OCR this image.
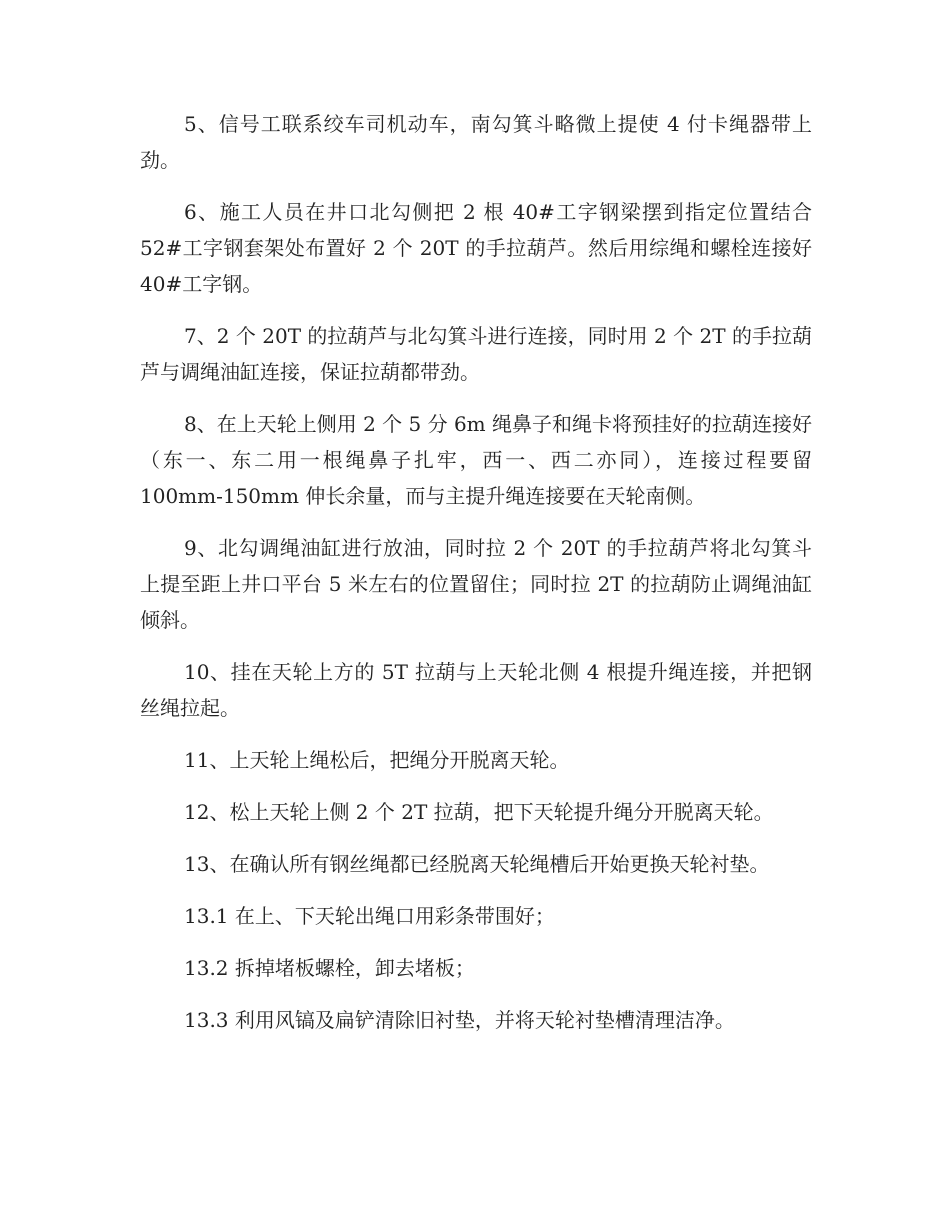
5、信号工联系绞车司机动车，南勾箕斗略微上提使 4 付卡绳器带上劲。

6、施工人员在井口北勾侧把 2 根 40#工字钢梁摆到指定位置结合 52#工字钢套架处布置好 2 个 20T 的手拉葫芦。然后用综绳和螺栓连接好 40#工字钢。

7、2 个 20T 的拉葫芦与北勾箕斗进行连接，同时用 2 个 2T 的手拉葫芦与调绳油缸连接，保证拉葫都带劲。

8、在上天轮上侧用 2 个 5 分 6m 绳鼻子和绳卡将预挂好的拉葫连接好（东一、东二用一根绳鼻子扎牢，西一、西二亦同），连接过程要留 100mm-150mm 伸长余量，而与主提升绳连接要在天轮南侧。

9、北勾调绳油缸进行放油，同时拉 2 个 20T 的手拉葫芦将北勾箕斗上提至距上井口平台 5 米左右的位置留住；同时拉 2T 的拉葫防止调绳油缸倾斜。

10、挂在天轮上方的 5T 拉葫与上天轮北侧 4 根提升绳连接，并把钢丝绳拉起。

11、上天轮上绳松后，把绳分开脱离天轮。

12、松上天轮上侧 2 个 2T 拉葫，把下天轮提升绳分开脱离天轮。

13、在确认所有钢丝绳都已经脱离天轮绳槽后开始更换天轮衬垫。

13.1 在上、下天轮出绳口用彩条带围好；

13.2 拆掉堵板螺栓，卸去堵板；

13.3 利用风镐及扁铲清除旧衬垫，并将天轮衬垫槽清理洁净。
